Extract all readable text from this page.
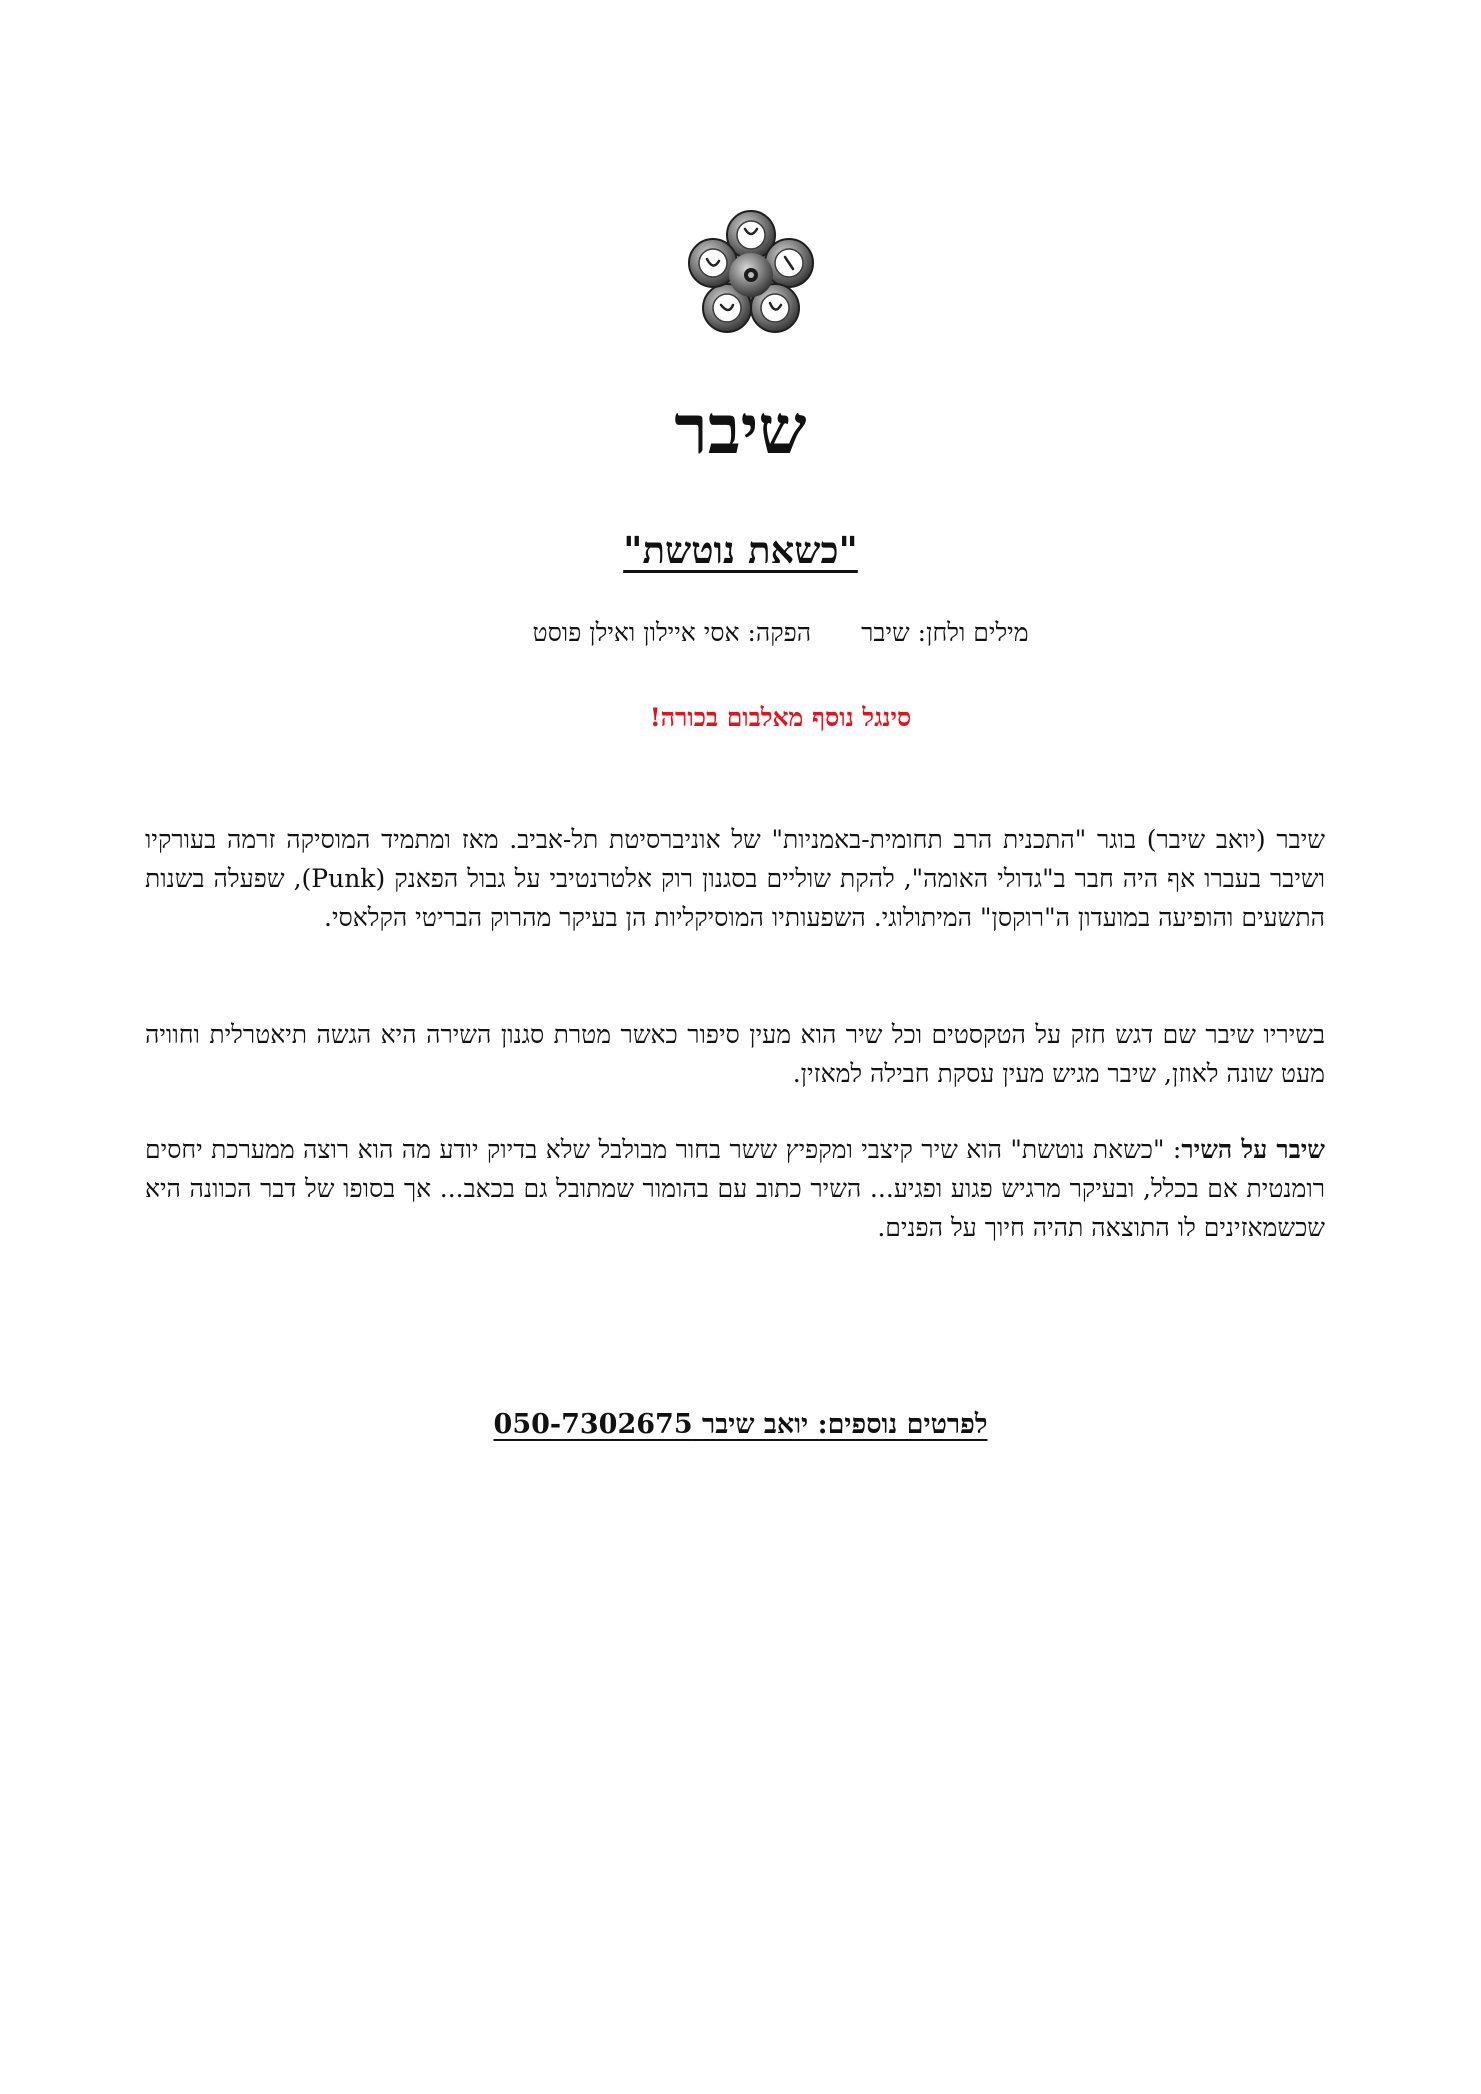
שיבר
"כשאת נוטשת"
מילים ולחן: שיברהפקה: אסי איילון ואילן פוסט
סינגל נוסף מאלבום בכורה!
שיבר (יואב שיבר) בוגר "התכנית הרב תחומית-באמניות" של אוניברסיטת תל-אביב. מאז ומתמיד המוסיקה זרמה בעורקיו ושיבר בעברו אף היה חבר ב"גדולי האומה", להקת שוליים בסגנון רוק אלטרנטיבי על גבול הפאנק (Punk), שפעלה בשנות התשעים והופיעה במועדון ה"רוקסן" המיתולוגי. השפעותיו המוסיקליות הן בעיקר מהרוק הבריטי הקלאסי.
בשיריו שיבר שם דגש חזק על הטקסטים וכל שיר הוא מעין סיפור כאשר מטרת סגנון השירה היא הגשה תיאטרלית וחוויה מעט שונה לאוזן, שיבר מגיש מעין עסקת חבילה למאזין.
שיבר על השיר: "כשאת נוטשת" הוא שיר קיצבי ומקפיץ ששר בחור מבולבל שלא בדיוק יודע מה הוא רוצה ממערכת יחסים רומנטית אם בכלל, ובעיקר מרגיש פגוע ופגיע... השיר כתוב עם בהומור שמתובל גם בכאב... אך בסופו של דבר הכוונה היא שכשמאזינים לו התוצאה תהיה חיוך על הפנים.
לפרטים נוספים: יואב שיבר 050-7302675
